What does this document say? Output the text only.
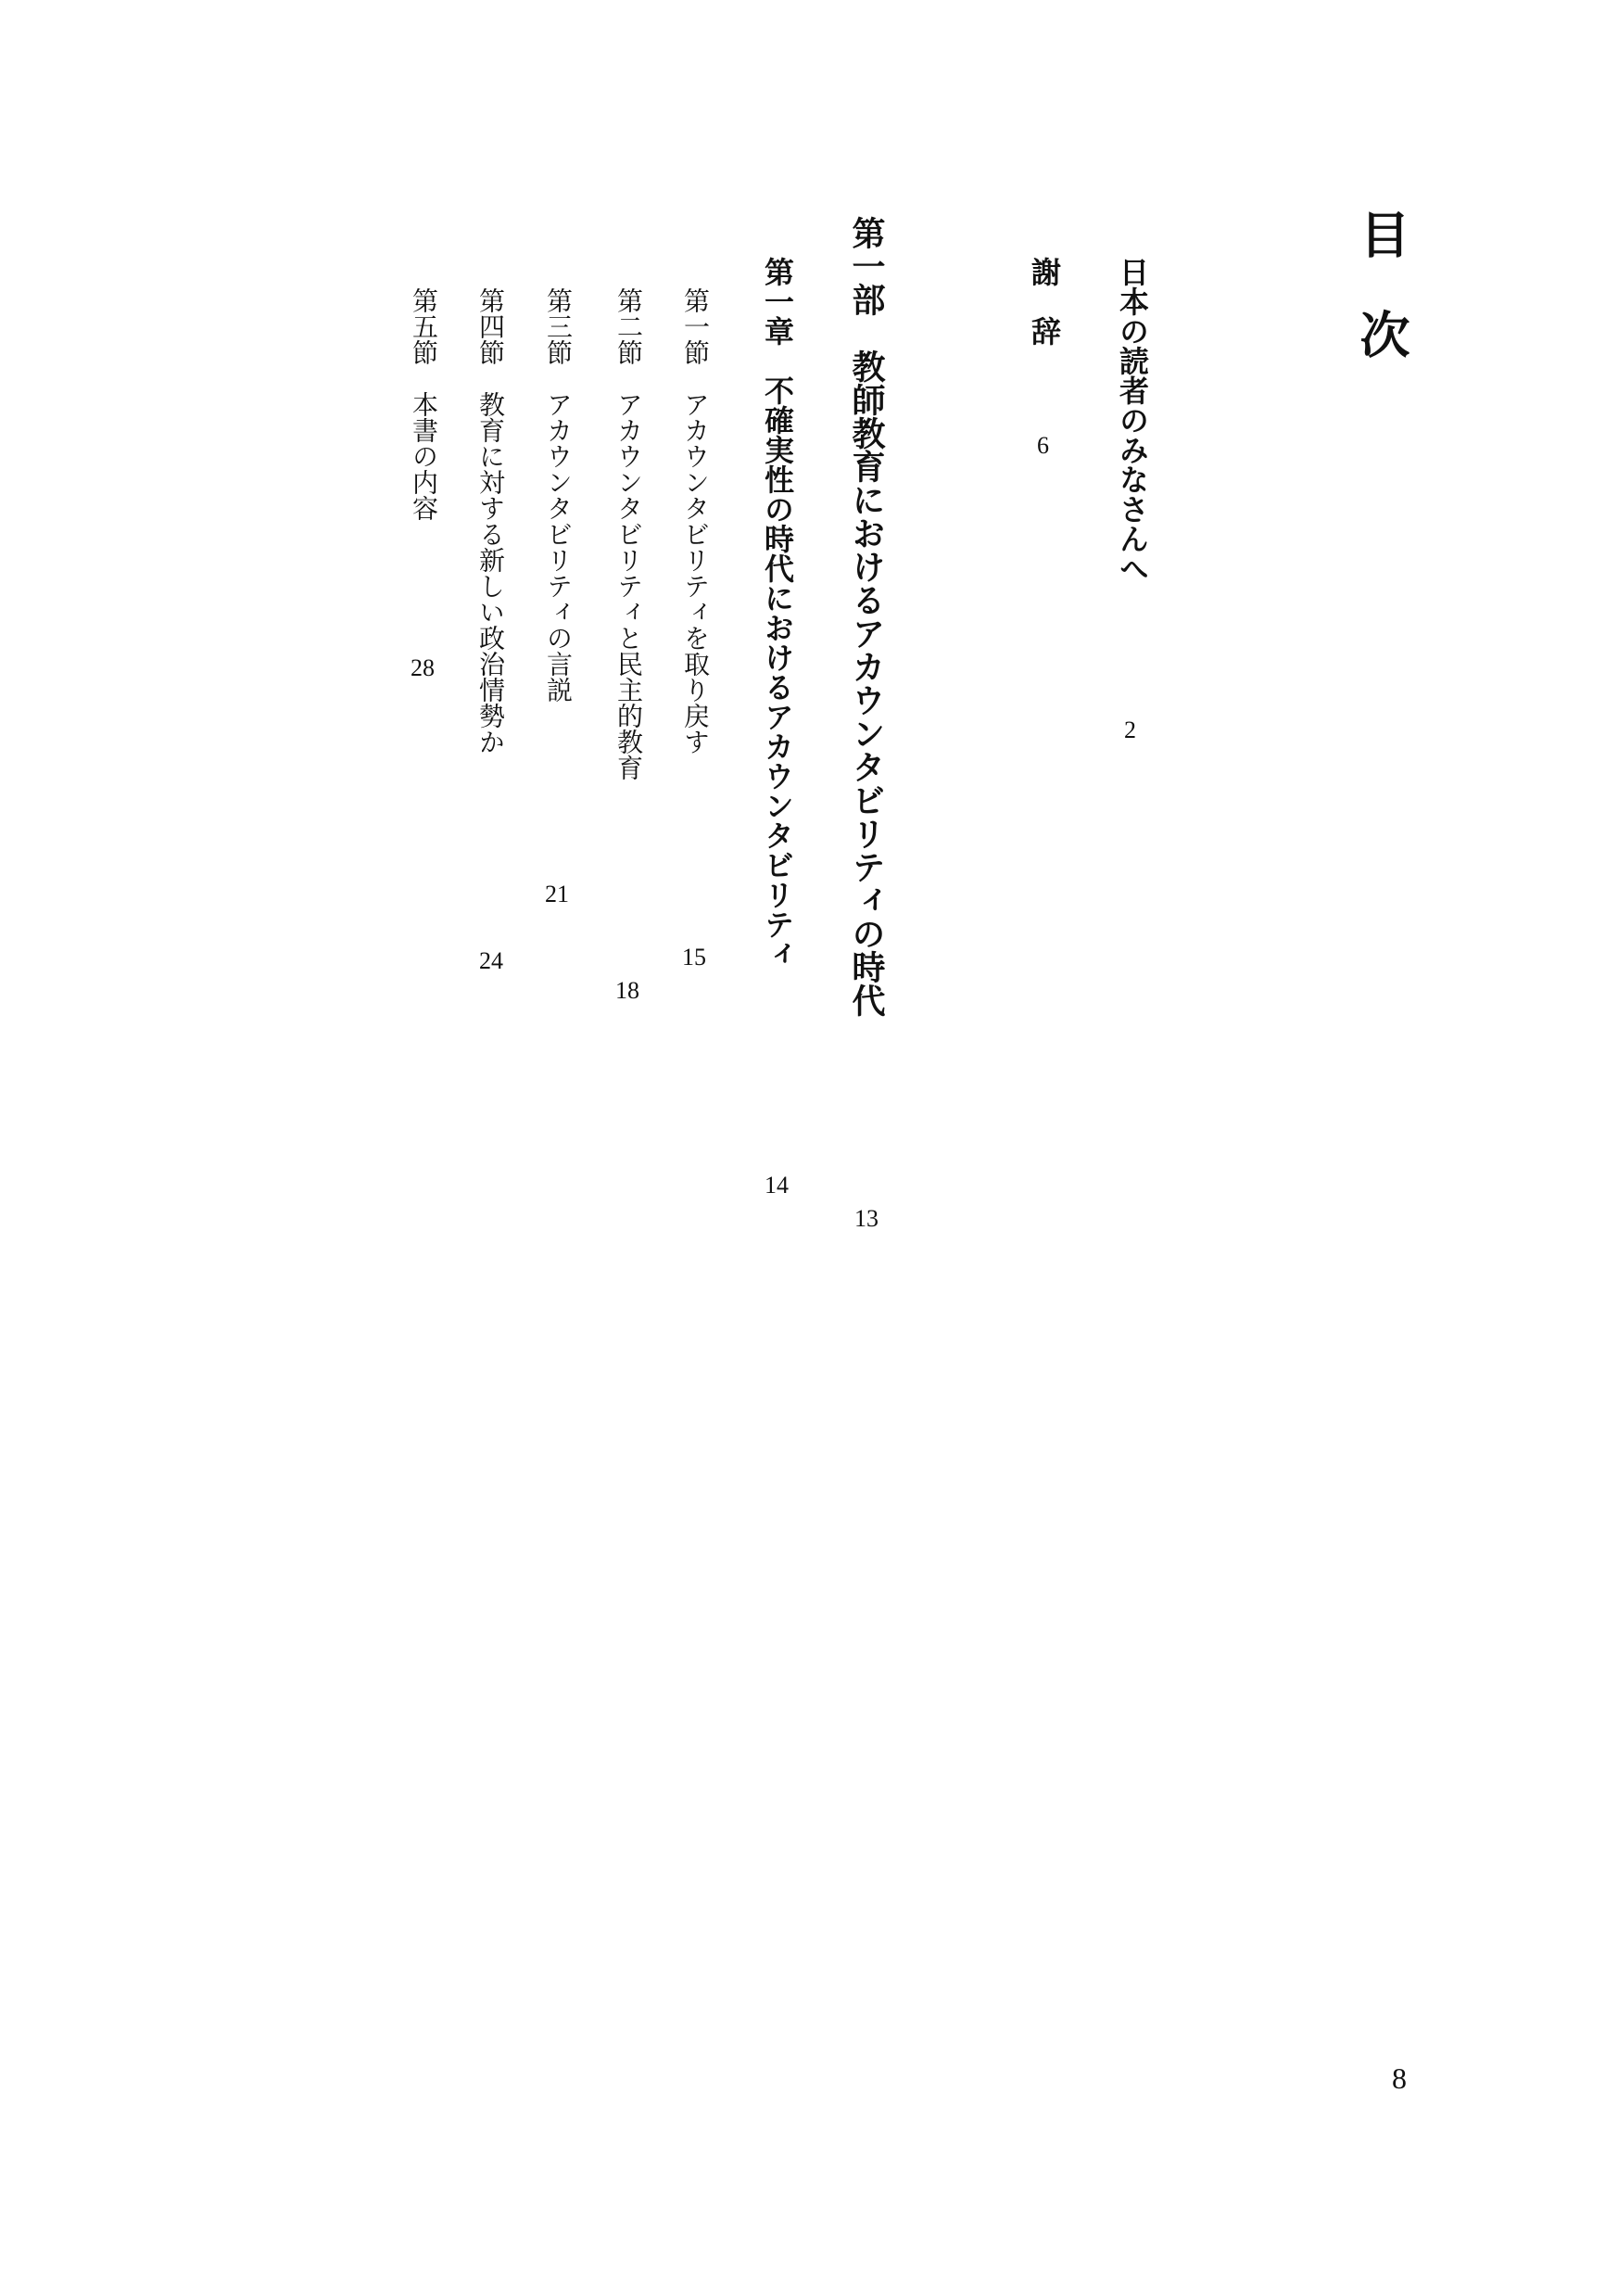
目　次
日本の読者のみなさんへ
2
謝　辞
6
第一部　教師教育におけるアカウンタビリティの時代
13
第一章　不確実性の時代におけるアカウンタビリティ
14
第一節　アカウンタビリティを取り戻す
15
第二節　アカウンタビリティと民主的教育
18
第三節　アカウンタビリティの言説
21
第四節　教育に対する新しい政治情勢か
24
第五節　本書の内容
28
8
